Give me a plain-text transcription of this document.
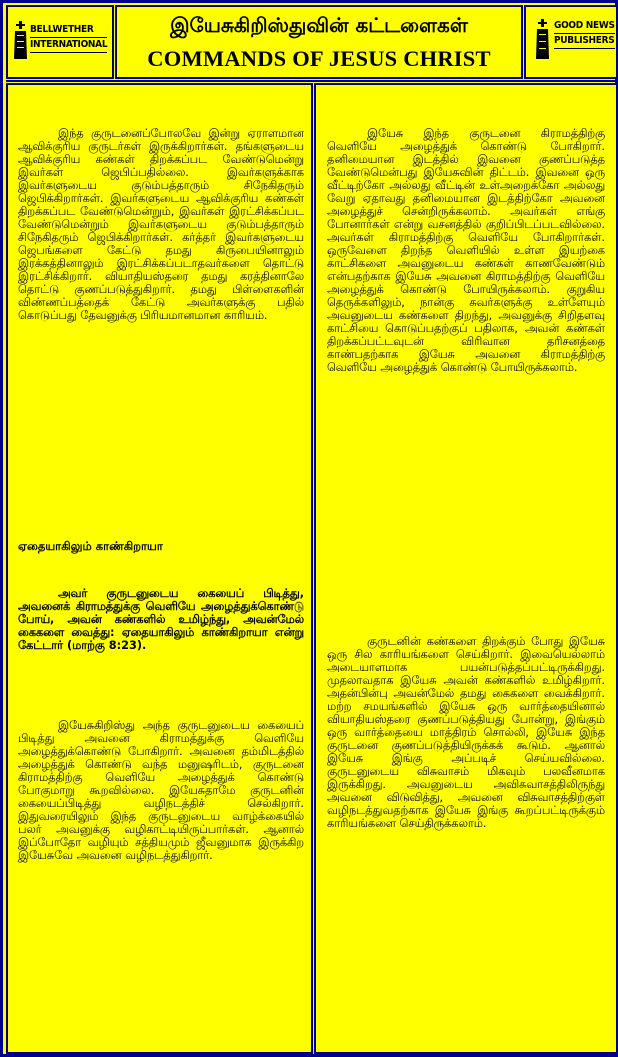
BELLWETHER
INTERNATIONAL
இயேசுகிறிஸ்துவின் கட்டளைகள்
COMMANDS OF JESUS CHRIST
GOOD NEWS
PUBLISHERS
இந்த குருடனைப்போலவே இன்று ஏராளமான ஆவிக்குரிய குருடர்கள் இருக்கிறார்கள். தங்களுடைய ஆவிக்குரிய கண்கள் திறக்கப்பட வேண்டுமென்று இவர்கள் ஜெபிப்பதில்லை. இவர்களுக்காக இவர்களுடைய குடும்பத்தாரும் சிநேகிதரும் ஜெபிக்கிறார்கள். இவர்களுடைய ஆவிக்குரிய கண்கள் திறக்கப்பட வேண்டுமென்றும், இவர்கள் இரட்சிக்கப்பட வேண்டுமென்றும் இவர்களுடைய குடும்பத்தாரும் சிநேகிதரும் ஜெபிக்கிறார்கள். கர்த்தர் இவர்களுடைய ஜெபங்களை கேட்டு தமது கிருபையினாலும் இரக்கத்தினாலும் இரட்சிக்கப்படாதவர்களை தொட்டு இரட்சிக்கிறார். வியாதியஸ்தரை தமது கரத்தினாலே தொட்டு குணப்படுத்துகிறார். தமது பிள்ளைகளின் விண்ணப்பத்தைக் கேட்டு அவர்களுக்கு பதில் கொடுப்பது தேவனுக்கு பிரியமானமான காரியம்.
ஏதையாகிலும் காண்கிறாயா
அவர் குருடனுடைய கையைப் பிடித்து, அவனைக் கிராமத்துக்கு வெளியே அழைத்துக்கொண்டு போய், அவன் கண்களில் உமிழ்ந்து, அவன்மேல் கைகளை வைத்து: ஏதையாகிலும் காண்கிறாயா என்று கேட்டார் (மாற்கு 8:23).
இயேசுகிறிஸ்து அந்த குருடனுடைய கையைப் பிடித்து அவனை கிராமத்துக்கு வெளியே அழைத்துக்கொண்டு போகிறார். அவனை தம்மிடத்தில் அழைத்துக் கொண்டு வந்த மனுஷரிடம், குருடனை கிராமத்திற்கு வெளியே அழைத்துக் கொண்டு போகுமாறு கூறவில்லை. இயேசுதாமே குருடனின் கையைப்பிடித்து வழிநடத்திச் செல்கிறார். இதுவரையிலும் இந்த குருடனுடைய வாழ்க்கையில் பலர் அவனுக்கு வழிகாட்டியிருப்பார்கள். ஆனால் இப்போதோ வழியும் சத்தியமும் ஜீவனுமாக இருக்கிற இயேசுவே அவனை வழிநடத்துகிறார்.
இயேசு இந்த குருடனை கிராமத்திற்கு வெளியே அழைத்துக் கொண்டு போகிறார். தனிமையான இடத்தில் இவனை குணப்படுத்த வேண்டுமென்பது இயேசுவின் திட்டம். இவனை ஒரு வீட்டிற்கோ அல்லது வீட்டின் உள்அறைக்கோ அல்லது வேறு ஏதாவது தனிமையான இடத்திற்கோ அவனை அழைத்துச் சென்றிருக்கலாம். அவர்கள் எங்கு போனார்கள் என்று வசனத்தில் குறிப்பிடப்படவில்லை. அவர்கள் கிராமத்திற்கு வெளியே போகிறார்கள். ஒருவேளை திறந்த வெளியில் உள்ள இயற்கை காட்சிகளை அவனுடைய கண்கள் காணவேண்டும் என்பதற்காக இயேசு அவனை கிராமத்திற்கு வெளியே அழைத்துக் கொண்டு போயிருக்கலாம். குறுகிய தெருக்களிலும், நான்கு சுவர்களுக்கு உள்ளேயும் அவனுடைய கண்களை திறந்து, அவனுக்கு சிறிதளவு காட்சியை கொடுப்பதற்குப் பதிலாக, அவன் கண்கள் திறக்கப்பட்டவுடன் விரிவான தரிசனத்தை காண்பதற்காக இயேசு அவனை கிராமத்திற்கு வெளியே அழைத்துக் கொண்டு போயிருக்கலாம்.
குருடனின் கண்களை திறக்கும் போது இயேசு ஒரு சில காரியங்களை செய்கிறார். இவையெல்லாம் அடையாளமாக பயன்படுத்தப்பட்டிருக்கிறது. முதலாவதாக இயேசு அவன் கண்களில் உமிழ்கிறார். அதன்பின்பு அவன்மேல் தமது கைகளை வைக்கிறார். மற்ற சமயங்களில் இயேசு ஒரு வார்த்தையினால் வியாதியஸ்தரை குணப்படுத்தியது போன்று, இங்கும் ஒரு வார்த்தையை மாத்திரம் சொல்லி, இயேசு இந்த குருடனை குணப்படுத்தியிருக்கக் கூடும். ஆனால் இயேசு இங்கு அப்படிச் செய்யவில்லை. குருடனுடைய விசுவாசம் மிகவும் பலவீனமாக இருக்கிறது. அவனுடைய அவிசுவாசத்திலிருந்து அவனை விடுவித்து, அவனை விசுவாசத்திற்குள் வழிநடத்துவதற்காக இயேசு இங்கு கூறப்பட்டிருக்கும் காரியங்களை செய்திருக்கலாம்.
